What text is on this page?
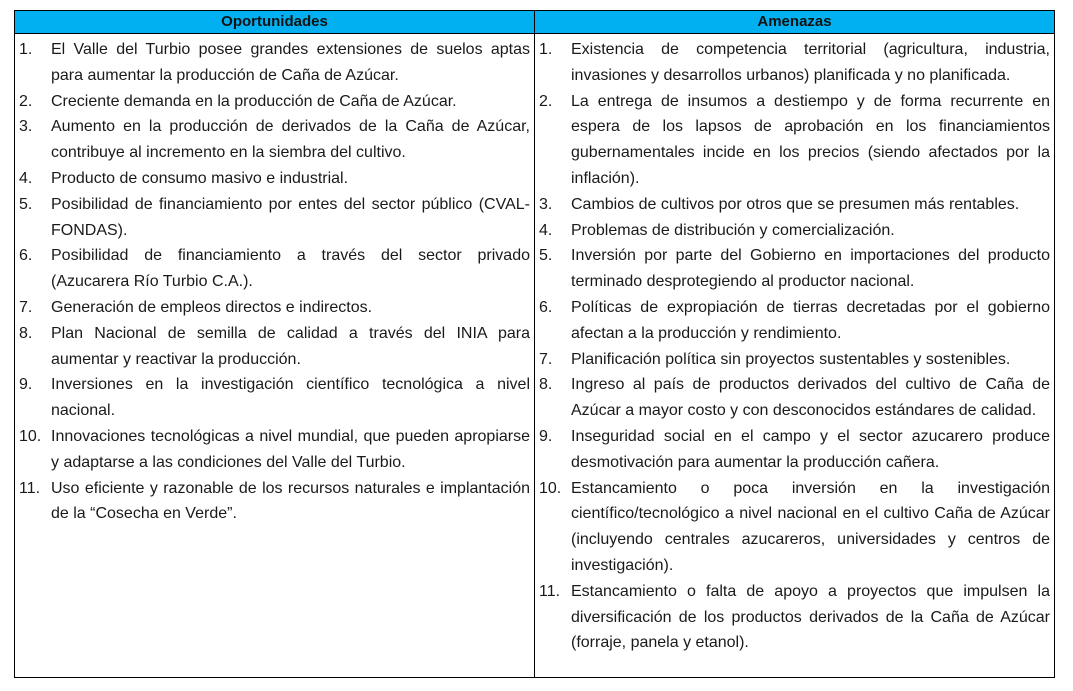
Oportunidades	Amenazas
1.	El Valle del Turbio posee grandes extensiones de suelos aptas para aumentar la producción de Caña de Azúcar.
2.	Creciente demanda en la producción de Caña de Azúcar.
3.	Aumento en la producción de derivados de la Caña de Azúcar, contribuye al incremento en la siembra del cultivo.
4.	Producto de consumo masivo e industrial.
5.	Posibilidad de financiamiento por entes del sector público (CVAL-FONDAS).
6.	Posibilidad de financiamiento a través del sector privado (Azucarera Río Turbio C.A.).
7.	Generación de empleos directos e indirectos.
8.	Plan Nacional de semilla de calidad a través del INIA para aumentar y reactivar la producción.
9.	Inversiones en la investigación científico tecnológica a nivel nacional.
10. Innovaciones tecnológicas a nivel mundial, que pueden apropiarse y adaptarse a las condiciones del Valle del Turbio.
11. Uso eficiente y razonable de los recursos naturales e implantación de la “Cosecha en Verde”.
1.	Existencia de competencia territorial (agricultura, industria, invasiones y desarrollos urbanos) planificada y no planificada.
2.	La entrega de insumos a destiempo y de forma recurrente en espera de los lapsos de aprobación en los financiamientos gubernamentales incide en los precios (siendo afectados por la inflación).
3.	Cambios de cultivos por otros que se presumen más rentables.
4.	Problemas de distribución y comercialización.
5.	Inversión por parte del Gobierno en importaciones del producto terminado desprotegiendo al productor nacional.
6.	Políticas de expropiación de tierras decretadas por el gobierno afectan a la producción y rendimiento.
7.	Planificación política sin proyectos sustentables y sostenibles.
8.	Ingreso al país de productos derivados del cultivo de Caña de Azúcar a mayor costo y con desconocidos estándares de calidad.
9.	Inseguridad social en el campo y el sector azucarero produce desmotivación para aumentar la producción cañera.
10. Estancamiento o poca inversión en la investigación científico/tecnológico a nivel nacional en el cultivo Caña de Azúcar (incluyendo centrales azucareros, universidades y centros de investigación).
11. Estancamiento o falta de apoyo a proyectos que impulsen la diversificación de los productos derivados de la Caña de Azúcar (forraje, panela y etanol).
